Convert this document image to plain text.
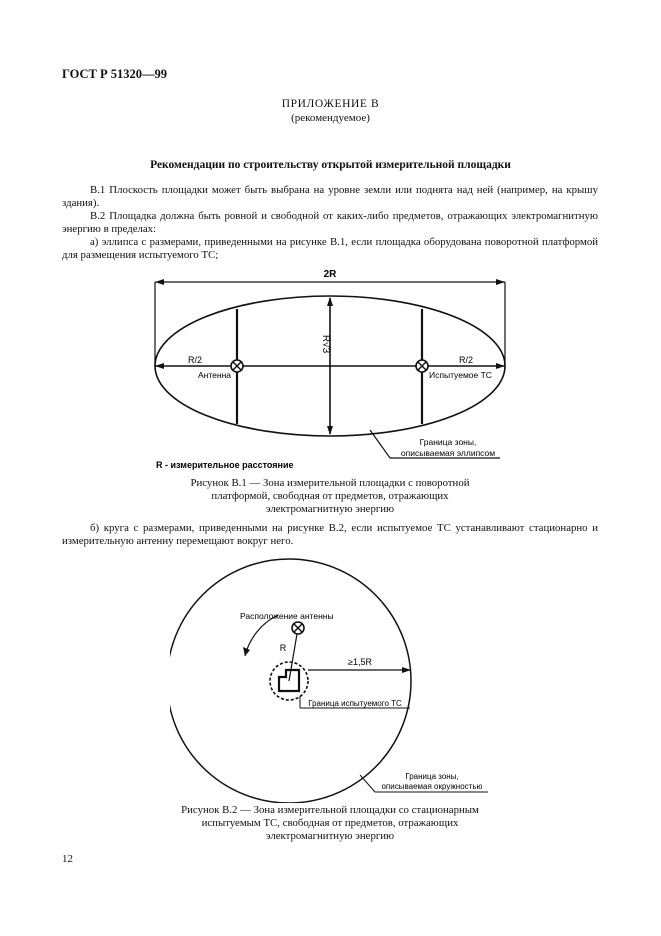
ГОСТ Р 51320—99
ПРИЛОЖЕНИЕ В
(рекомендуемое)
Рекомендации по строительству открытой измерительной площадки
В.1 Плоскость площадки может быть выбрана на уровне земли или поднята над ней (например, на крышу здания).
В.2 Площадка должна быть ровной и свободной от каких-либо предметов, отражающих электромагнитную энергию в пределах:
а) эллипса с размерами, приведенными на рисунке В.1, если площадка оборудована поворотной платформой для размещения испытуемого ТС;
2R
R√3
R/2	R/2
Антенна	Испытуемое ТС
Граница зоны,
описываемая эллипсом
R - измерительное расстояние
Рисунок В.1 — Зона измерительной площадки с поворотной
платформой, свободная от предметов, отражающих
электромагнитную энергию
б) круга с размерами, приведенными на рисунке В.2, если испытуемое ТС устанавливают стационарно и измерительную антенну перемещают вокруг него.
R
Расположение антенны
≥1,5R
Граница испытуемого ТС
Граница зоны,
описываемая окружностью
Рисунок В.2 — Зона измерительной площадки со стационарным
испытуемым ТС, свободная от предметов, отражающих
электромагнитную энергию
12
